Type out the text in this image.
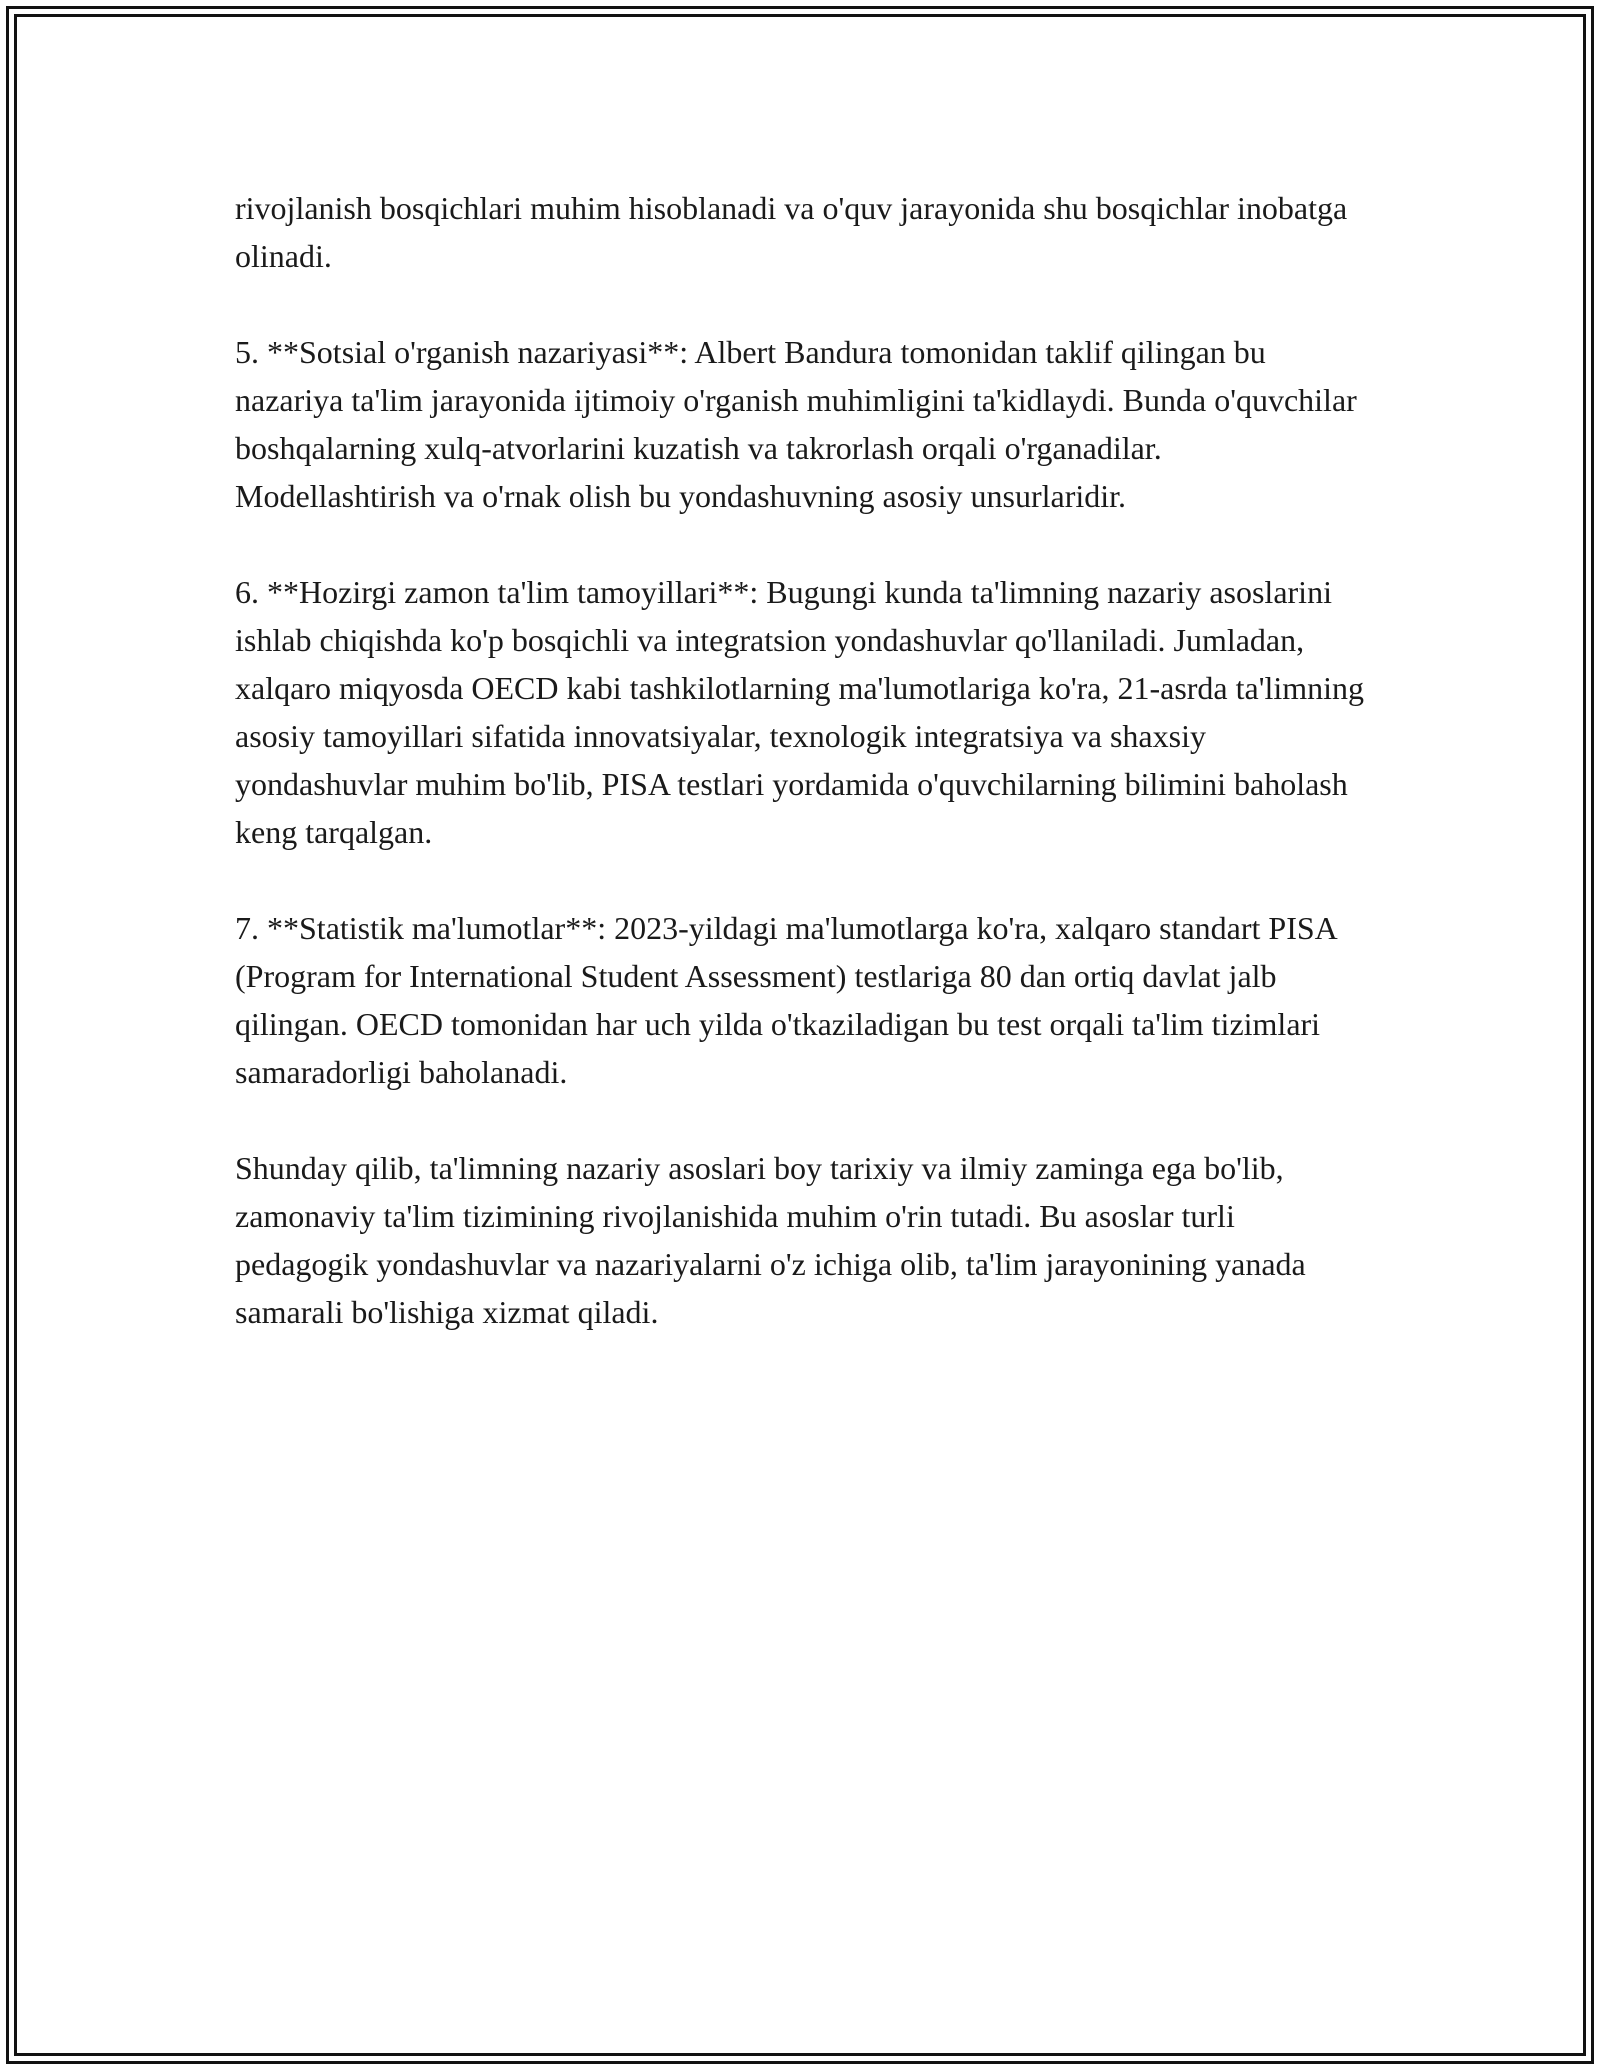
rivojlanish bosqichlari muhim hisoblanadi va o'quv jarayonida shu bosqichlar inobatga olinadi.

5. **Sotsial o'rganish nazariyasi**: Albert Bandura tomonidan taklif qilingan bu nazariya ta'lim jarayonida ijtimoiy o'rganish muhimligini ta'kidlaydi. Bunda o'quvchilar boshqalarning xulq-atvorlarini kuzatish va takrorlash orqali o'rganadilar. Modellashtirish va o'rnak olish bu yondashuvning asosiy unsurlaridir.

6. **Hozirgi zamon ta'lim tamoyillari**: Bugungi kunda ta'limning nazariy asoslarini ishlab chiqishda ko'p bosqichli va integratsion yondashuvlar qo'llaniladi. Jumladan, xalqaro miqyosda OECD kabi tashkilotlarning ma'lumotlariga ko'ra, 21-asrda ta'limning asosiy tamoyillari sifatida innovatsiyalar, texnologik integratsiya va shaxsiy yondashuvlar muhim bo'lib, PISA testlari yordamida o'quvchilarning bilimini baholash keng tarqalgan.

7. **Statistik ma'lumotlar**: 2023-yildagi ma'lumotlarga ko'ra, xalqaro standart PISA (Program for International Student Assessment) testlariga 80 dan ortiq davlat jalb qilingan. OECD tomonidan har uch yilda o'tkaziladigan bu test orqali ta'lim tizimlari samaradorligi baholanadi.

Shunday qilib, ta'limning nazariy asoslari boy tarixiy va ilmiy zaminga ega bo'lib, zamonaviy ta'lim tizimining rivojlanishida muhim o'rin tutadi. Bu asoslar turli pedagogik yondashuvlar va nazariyalarni o'z ichiga olib, ta'lim jarayonining yanada samarali bo'lishiga xizmat qiladi.
